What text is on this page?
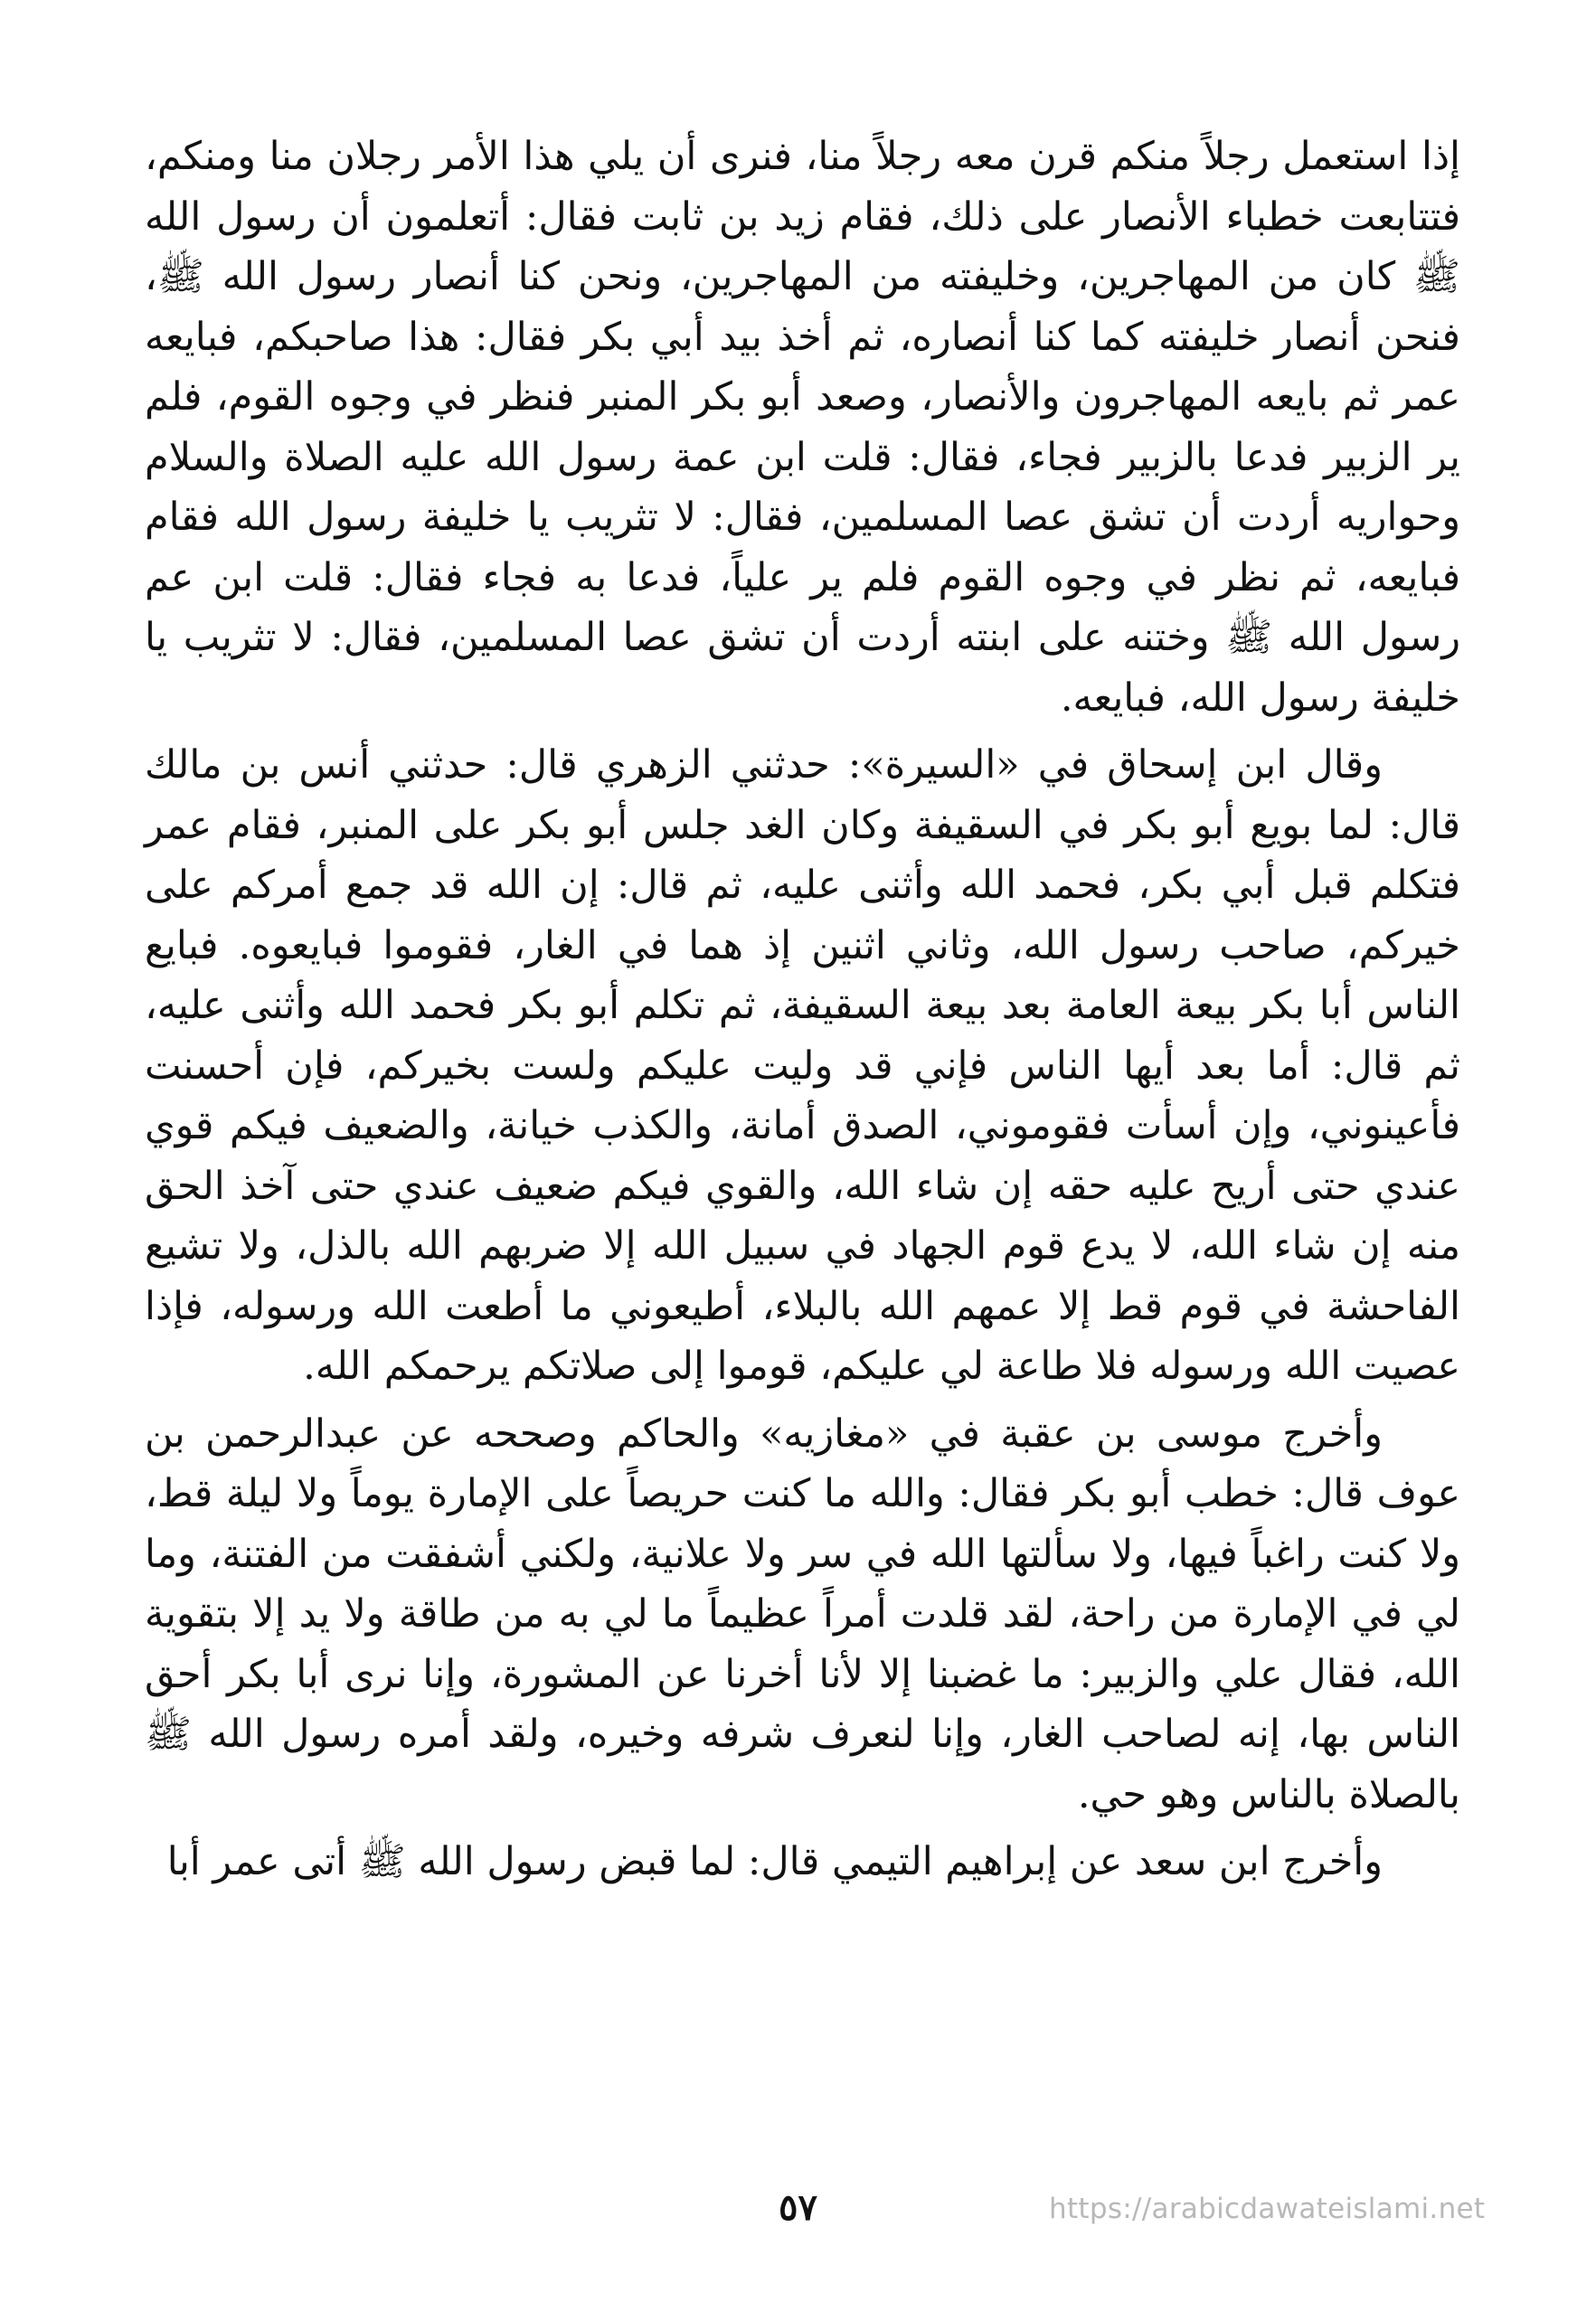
إذا استعمل رجلاً منكم قرن معه رجلاً منا، فنرى أن يلي هذا الأمر رجلان منا ومنكم، فتتابعت خطباء الأنصار على ذلك، فقام زيد بن ثابت فقال: أتعلمون أن رسول الله ﷺ كان من المهاجرين، وخليفته من المهاجرين، ونحن كنا أنصار رسول الله ﷺ، فنحن أنصار خليفته كما كنا أنصاره، ثم أخذ بيد أبي بكر فقال: هذا صاحبكم، فبايعه عمر ثم بايعه المهاجرون والأنصار، وصعد أبو بكر المنبر فنظر في وجوه القوم، فلم ير الزبير فدعا بالزبير فجاء، فقال: قلت ابن عمة رسول الله عليه الصلاة والسلام وحواريه أردت أن تشق عصا المسلمين، فقال: لا تثريب يا خليفة رسول الله فقام فبايعه، ثم نظر في وجوه القوم فلم ير علياً، فدعا به فجاء فقال: قلت ابن عم رسول الله ﷺ وختنه على ابنته أردت أن تشق عصا المسلمين، فقال: لا تثريب يا خليفة رسول الله، فبايعه.

وقال ابن إسحاق في «السيرة»: حدثني الزهري قال: حدثني أنس بن مالك قال: لما بويع أبو بكر في السقيفة وكان الغد جلس أبو بكر على المنبر، فقام عمر فتكلم قبل أبي بكر، فحمد الله وأثنى عليه، ثم قال: إن الله قد جمع أمركم على خيركم، صاحب رسول الله، وثاني اثنين إذ هما في الغار، فقوموا فبايعوه. فبايع الناس أبا بكر بيعة العامة بعد بيعة السقيفة، ثم تكلم أبو بكر فحمد الله وأثنى عليه، ثم قال: أما بعد أيها الناس فإني قد وليت عليكم ولست بخيركم، فإن أحسنت فأعينوني، وإن أسأت فقوموني، الصدق أمانة، والكذب خيانة، والضعيف فيكم قوي عندي حتى أريح عليه حقه إن شاء الله، والقوي فيكم ضعيف عندي حتى آخذ الحق منه إن شاء الله، لا يدع قوم الجهاد في سبيل الله إلا ضربهم الله بالذل، ولا تشيع الفاحشة في قوم قط إلا عمهم الله بالبلاء، أطيعوني ما أطعت الله ورسوله، فإذا عصيت الله ورسوله فلا طاعة لي عليكم، قوموا إلى صلاتكم يرحمكم الله.

وأخرج موسى بن عقبة في «مغازيه» والحاكم وصححه عن عبدالرحمن بن عوف قال: خطب أبو بكر فقال: والله ما كنت حريصاً على الإمارة يوماً ولا ليلة قط، ولا كنت راغباً فيها، ولا سألتها الله في سر ولا علانية، ولكني أشفقت من الفتنة، وما لي في الإمارة من راحة، لقد قلدت أمراً عظيماً ما لي به من طاقة ولا يد إلا بتقوية الله، فقال علي والزبير: ما غضبنا إلا لأنا أخرنا عن المشورة، وإنا نرى أبا بكر أحق الناس بها، إنه لصاحب الغار، وإنا لنعرف شرفه وخيره، ولقد أمره رسول الله ﷺ بالصلاة بالناس وهو حي.

وأخرج ابن سعد عن إبراهيم التيمي قال: لما قبض رسول الله ﷺ أتى عمر أبا

٥٧	https://arabicdawateislami.net
